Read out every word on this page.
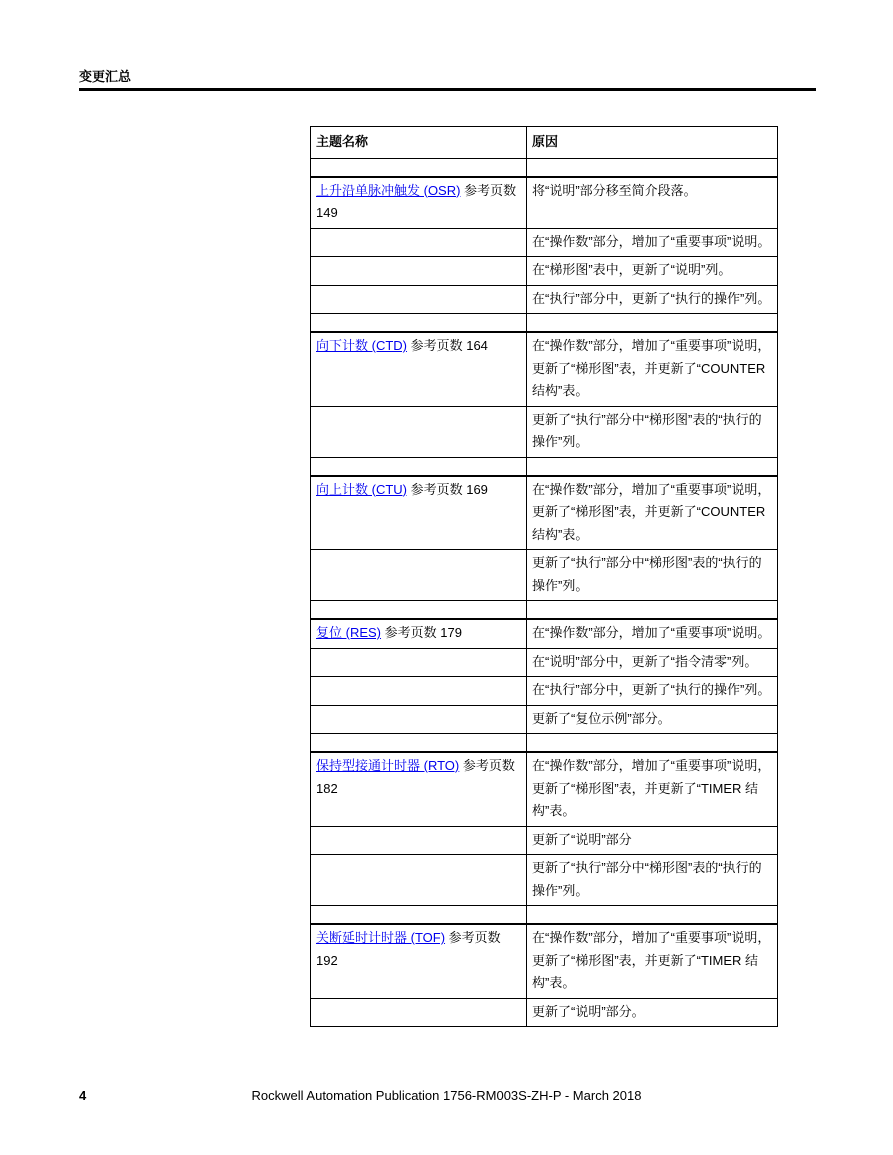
变更汇总
主题名称	原因

上升沿单脉冲触发 (OSR) 参考页数 149	将“说明”部分移至简介段落。
	在“操作数”部分，增加了“重要事项”说明。
	在“梯形图”表中，更新了“说明”列。
	在“执行”部分中，更新了“执行的操作”列。

向下计数 (CTD) 参考页数 164	在“操作数”部分，增加了“重要事项”说明，更新了“梯形图”表，并更新了“COUNTER 结构”表。
	更新了“执行”部分中“梯形图”表的“执行的操作”列。

向上计数 (CTU) 参考页数 169	在“操作数”部分，增加了“重要事项”说明，更新了“梯形图”表，并更新了“COUNTER 结构”表。
	更新了“执行”部分中“梯形图”表的“执行的操作”列。

复位 (RES) 参考页数 179	在“操作数”部分，增加了“重要事项”说明。
	在“说明”部分中，更新了“指令清零”列。
	在“执行”部分中，更新了“执行的操作”列。
	更新了“复位示例”部分。

保持型接通计时器 (RTO) 参考页数 182	在“操作数”部分，增加了“重要事项”说明，更新了“梯形图”表，并更新了“TIMER 结构”表。
	更新了“说明”部分
	更新了“执行”部分中“梯形图”表的“执行的操作”列。

关断延时计时器 (TOF) 参考页数 192	在“操作数”部分，增加了“重要事项”说明，更新了“梯形图”表，并更新了“TIMER 结构”表。
	更新了“说明”部分。
4	Rockwell Automation Publication 1756-RM003S-ZH-P - March 2018
